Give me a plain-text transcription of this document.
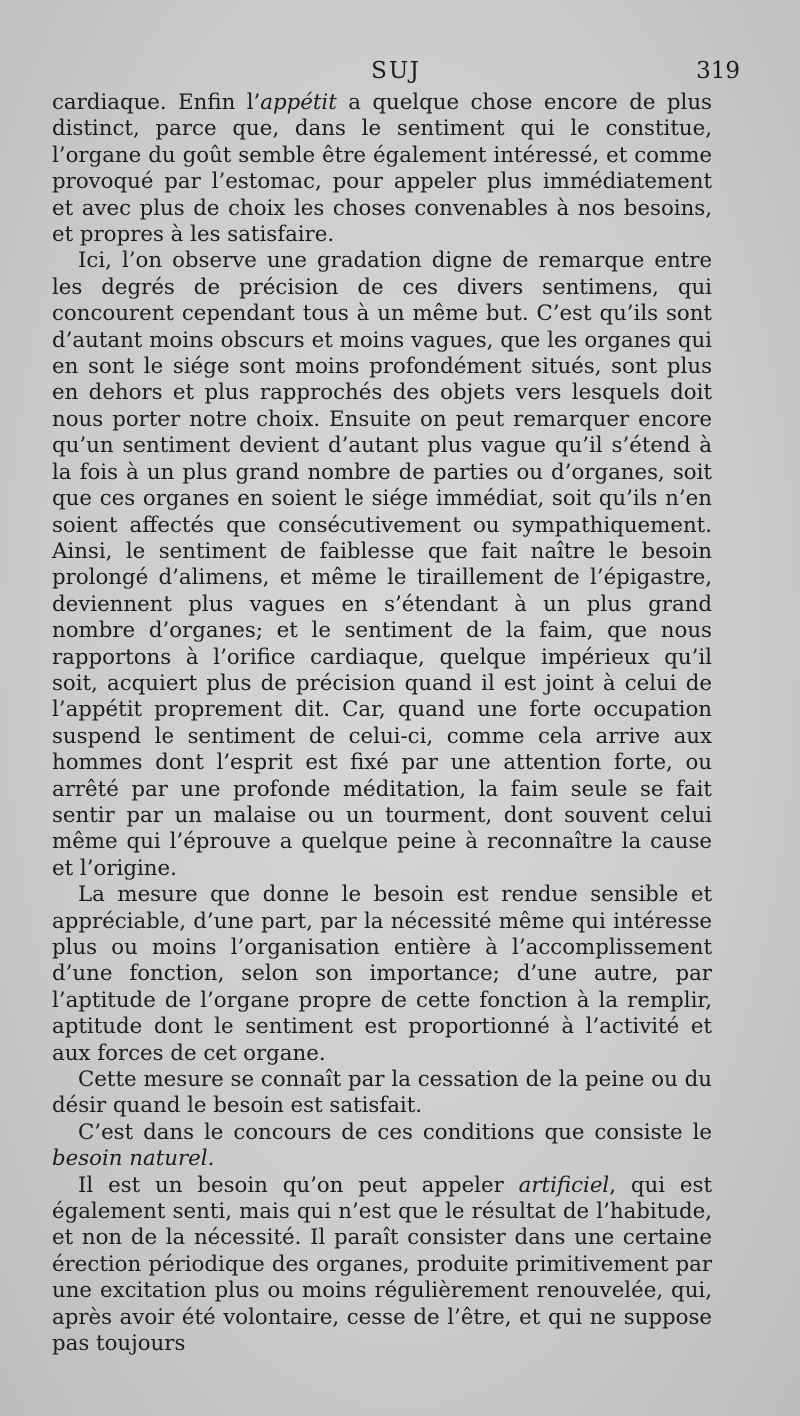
SUJ	319

cardiaque. Enfin l’appétit a quelque chose encore de plus distinct, parce que, dans le sentiment qui le constitue, l’organe du goût semble être également intéressé, et comme provoqué par l’estomac, pour appeler plus immédiatement et avec plus de choix les choses convenables à nos besoins, et propres à les satisfaire.

Ici, l’on observe une gradation digne de remarque entre les degrés de précision de ces divers sentimens, qui concourent cependant tous à un même but. C’est qu’ils sont d’autant moins obscurs et moins vagues, que les organes qui en sont le siége sont moins profondément situés, sont plus en dehors et plus rapprochés des objets vers lesquels doit nous porter notre choix. Ensuite on peut remarquer encore qu’un sentiment devient d’autant plus vague qu’il s’étend à la fois à un plus grand nombre de parties ou d’organes, soit que ces organes en soient le siége immédiat, soit qu’ils n’en soient affectés que consécutivement ou sympathiquement. Ainsi, le sentiment de faiblesse que fait naître le besoin prolongé d’alimens, et même le tiraillement de l’épigastre, deviennent plus vagues en s’étendant à un plus grand nombre d’organes; et le sentiment de la faim, que nous rapportons à l’orifice cardiaque, quelque impérieux qu’il soit, acquiert plus de précision quand il est joint à celui de l’appétit proprement dit. Car, quand une forte occupation suspend le sentiment de celui-ci, comme cela arrive aux hommes dont l’esprit est fixé par une attention forte, ou arrêté par une profonde méditation, la faim seule se fait sentir par un malaise ou un tourment, dont souvent celui même qui l’éprouve a quelque peine à reconnaître la cause et l’origine.

La mesure que donne le besoin est rendue sensible et appréciable, d’une part, par la nécessité même qui intéresse plus ou moins l’organisation entière à l’accomplissement d’une fonction, selon son importance; d’une autre, par l’aptitude de l’organe propre de cette fonction à la remplir, aptitude dont le sentiment est proportionné à l’activité et aux forces de cet organe.

Cette mesure se connaît par la cessation de la peine ou du désir quand le besoin est satisfait.

C’est dans le concours de ces conditions que consiste le besoin naturel.

Il est un besoin qu’on peut appeler artificiel, qui est également senti, mais qui n’est que le résultat de l’habitude, et non de la nécessité. Il paraît consister dans une certaine érection périodique des organes, produite primitivement par une excitation plus ou moins régulièrement renouvelée, qui, après avoir été volontaire, cesse de l’être, et qui ne suppose pas toujours
